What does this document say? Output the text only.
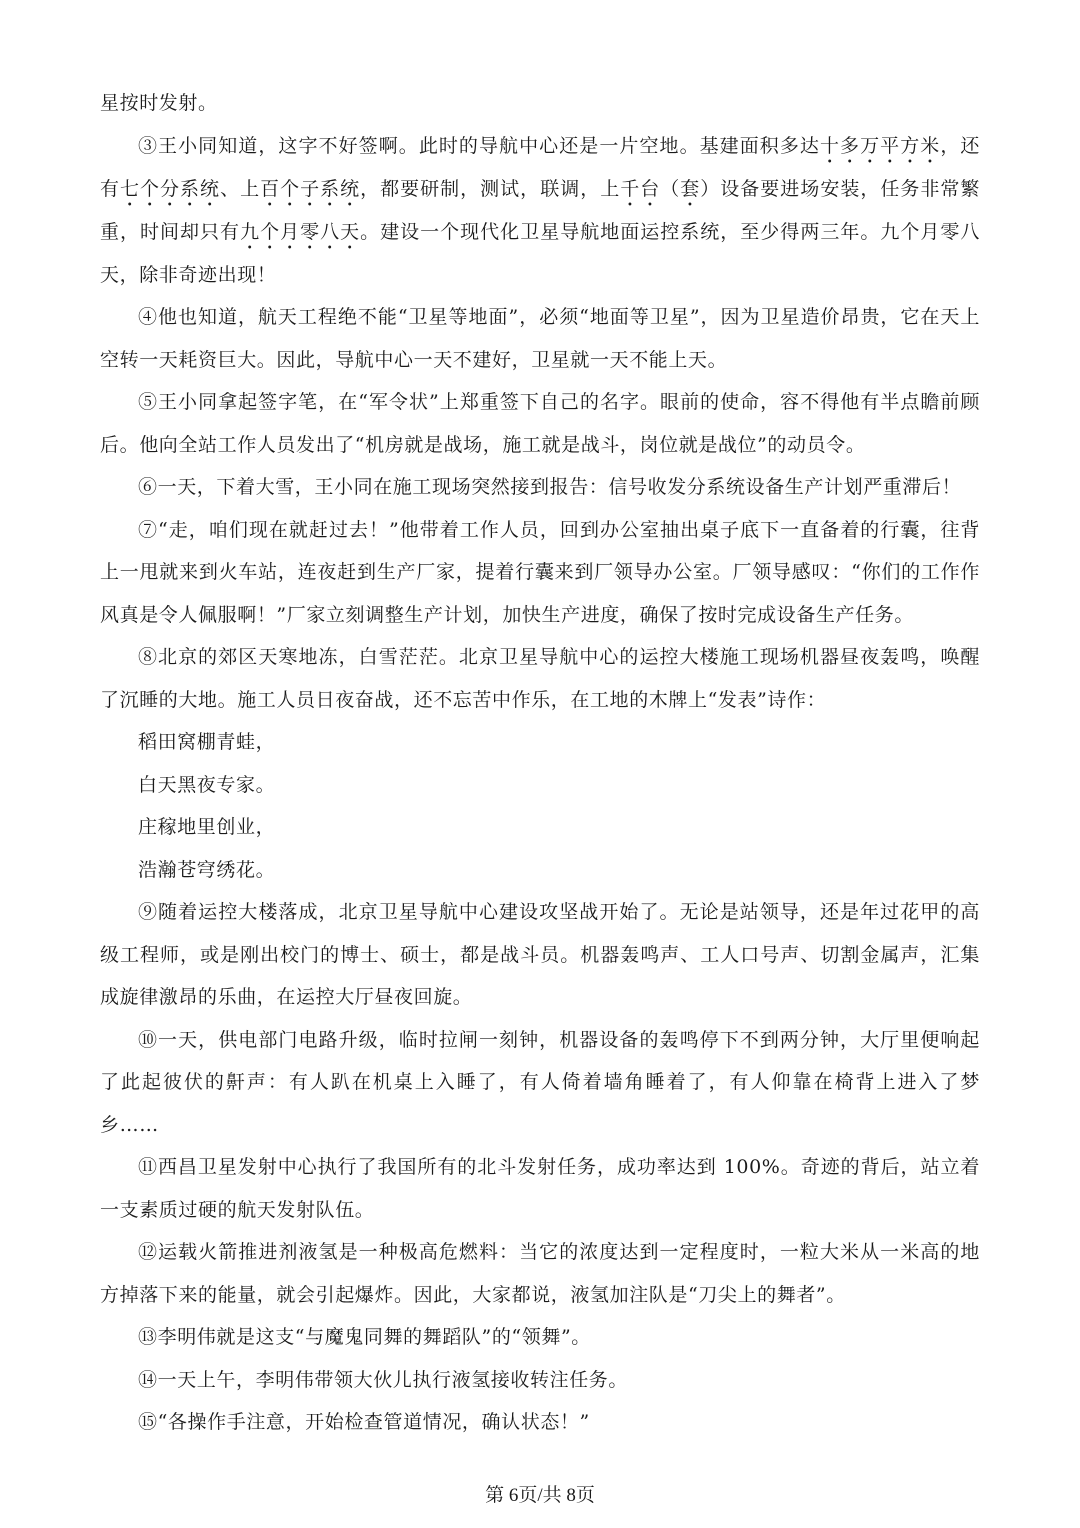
星按时发射。

③王小同知道，这字不好签啊。此时的导航中心还是一片空地。基建面积多达十多万平方米，还有七个分系统、上百个子系统，都要研制，测试，联调，上千台（套）设备要进场安装，任务非常繁重，时间却只有九个月零八天。建设一个现代化卫星导航地面运控系统，至少得两三年。九个月零八天，除非奇迹出现！

④他也知道，航天工程绝不能“卫星等地面”，必须“地面等卫星”，因为卫星造价昂贵，它在天上空转一天耗资巨大。因此，导航中心一天不建好，卫星就一天不能上天。

⑤王小同拿起签字笔，在“军令状”上郑重签下自己的名字。眼前的使命，容不得他有半点瞻前顾后。他向全站工作人员发出了“机房就是战场，施工就是战斗，岗位就是战位”的动员令。

⑥一天，下着大雪，王小同在施工现场突然接到报告：信号收发分系统设备生产计划严重滞后！

⑦“走，咱们现在就赶过去！”他带着工作人员，回到办公室抽出桌子底下一直备着的行囊，往背上一甩就来到火车站，连夜赶到生产厂家，提着行囊来到厂领导办公室。厂领导感叹：“你们的工作作风真是令人佩服啊！”厂家立刻调整生产计划，加快生产进度，确保了按时完成设备生产任务。

⑧北京的郊区天寒地冻，白雪茫茫。北京卫星导航中心的运控大楼施工现场机器昼夜轰鸣，唤醒了沉睡的大地。施工人员日夜奋战，还不忘苦中作乐，在工地的木牌上“发表”诗作：

稻田窝棚青蛙，

白天黑夜专家。

庄稼地里创业，

浩瀚苍穹绣花。

⑨随着运控大楼落成，北京卫星导航中心建设攻坚战开始了。无论是站领导，还是年过花甲的高级工程师，或是刚出校门的博士、硕士，都是战斗员。机器轰鸣声、工人口号声、切割金属声，汇集成旋律激昂的乐曲，在运控大厅昼夜回旋。

⑩一天，供电部门电路升级，临时拉闸一刻钟，机器设备的轰鸣停下不到两分钟，大厅里便响起了此起彼伏的鼾声：有人趴在机桌上入睡了，有人倚着墙角睡着了，有人仰靠在椅背上进入了梦乡……

⑪西昌卫星发射中心执行了我国所有的北斗发射任务，成功率达到 100%。奇迹的背后，站立着一支素质过硬的航天发射队伍。

⑫运载火箭推进剂液氢是一种极高危燃料：当它的浓度达到一定程度时，一粒大米从一米高的地方掉落下来的能量，就会引起爆炸。因此，大家都说，液氢加注队是“刀尖上的舞者”。

⑬李明伟就是这支“与魔鬼同舞的舞蹈队”的“领舞”。

⑭一天上午，李明伟带领大伙儿执行液氢接收转注任务。

⑮“各操作手注意，开始检查管道情况，确认状态！”

第 6页/共 8页
